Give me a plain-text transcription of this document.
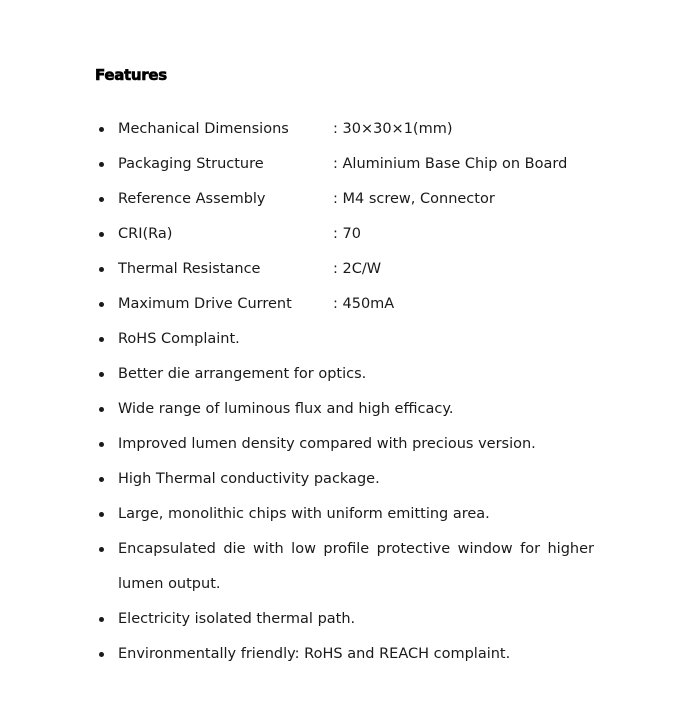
Features
Mechanical Dimensions	: 30×30×1(mm)
Packaging Structure	: Aluminium Base Chip on Board
Reference Assembly	: M4 screw, Connector
CRI(Ra)	: 70
Thermal Resistance	: 2C/W
Maximum Drive Current	: 450mA
RoHS Complaint.
Better die arrangement for optics.
Wide range of luminous flux and high efficacy.
Improved lumen density compared with precious version.
High Thermal conductivity package.
Large, monolithic chips with uniform emitting area.
Encapsulated die with low profile protective window for higher lumen output.
Electricity isolated thermal path.
Environmentally friendly: RoHS and REACH complaint.
